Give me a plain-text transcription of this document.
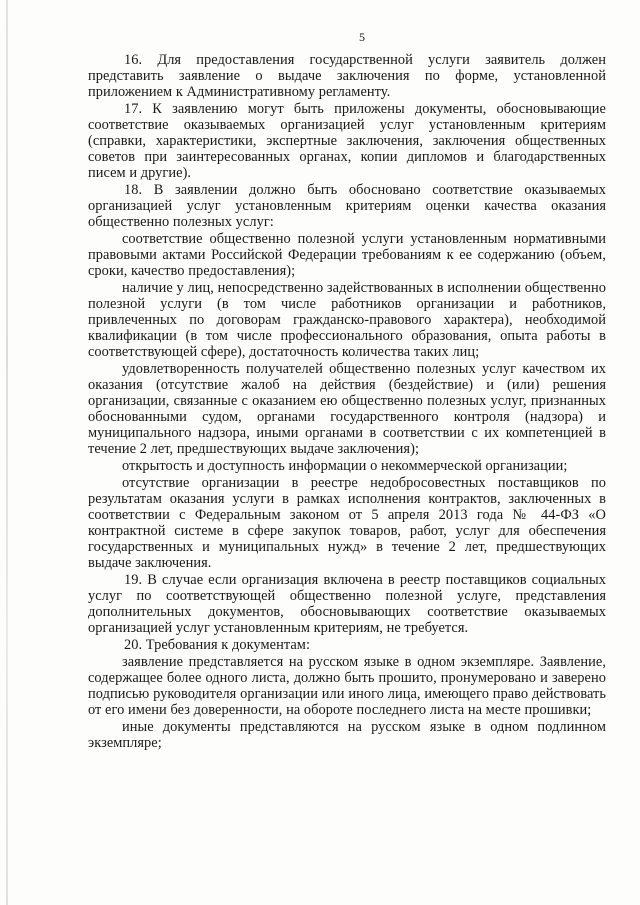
5

16. Для предоставления государственной услуги заявитель должен представить заявление о выдаче заключения по форме, установленной приложением к Административному регламенту.

17. К заявлению могут быть приложены документы, обосновывающие соответствие оказываемых организацией услуг установленным критериям (справки, характеристики, экспертные заключения, заключения общественных советов при заинтересованных органах, копии дипломов и благодарственных писем и другие).

18. В заявлении должно быть обосновано соответствие оказываемых организацией услуг установленным критериям оценки качества оказания общественно полезных услуг:

соответствие общественно полезной услуги установленным нормативными правовыми актами Российской Федерации требованиям к ее содержанию (объем, сроки, качество предоставления);

наличие у лиц, непосредственно задействованных в исполнении общественно полезной услуги (в том числе работников организации и работников, привлеченных по договорам гражданско-правового характера), необходимой квалификации (в том числе профессионального образования, опыта работы в соответствующей сфере), достаточность количества таких лиц;

удовлетворенность получателей общественно полезных услуг качеством их оказания (отсутствие жалоб на действия (бездействие) и (или) решения организации, связанные с оказанием ею общественно полезных услуг, признанных обоснованными судом, органами государственного контроля (надзора) и муниципального надзора, иными органами в соответствии с их компетенцией в течение 2 лет, предшествующих выдаче заключения);

открытость и доступность информации о некоммерческой организации;

отсутствие организации в реестре недобросовестных поставщиков по результатам оказания услуги в рамках исполнения контрактов, заключенных в соответствии с Федеральным законом от 5 апреля 2013 года № 44-ФЗ «О контрактной системе в сфере закупок товаров, работ, услуг для обеспечения государственных и муниципальных нужд» в течение 2 лет, предшествующих выдаче заключения.

19. В случае если организация включена в реестр поставщиков социальных услуг по соответствующей общественно полезной услуге, представления дополнительных документов, обосновывающих соответствие оказываемых организацией услуг установленным критериям, не требуется.

20. Требования к документам:

заявление представляется на русском языке в одном экземпляре. Заявление, содержащее более одного листа, должно быть прошито, пронумеровано и заверено подписью руководителя организации или иного лица, имеющего право действовать от его имени без доверенности, на обороте последнего листа на месте прошивки;

иные документы представляются на русском языке в одном подлинном экземпляре;
